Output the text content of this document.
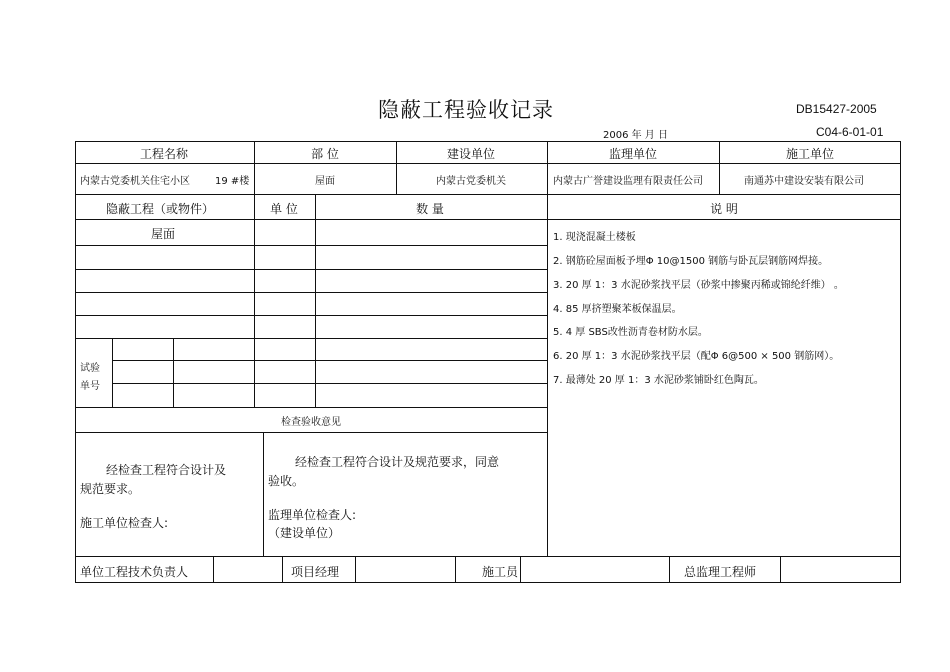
隐蔽工程验收记录	DB15427-2005
2006 年 月 日	C04-6-01-01
工程名称	部 位	建设单位	监理单位	施工单位
内蒙古党委机关住宅小区	19 #楼	屋面	内蒙古党委机关	内蒙古广誉建设监理有限责任公司	南通苏中建设安装有限公司
隐蔽工程（或物件）	单 位	数 量	说 明
屋面
试验
单号
1. 现浇混凝土楼板
2. 钢筋砼屋面板予埋Φ 10@1500 钢筋与卧瓦层钢筋网焊接。
3. 20 厚 1：3 水泥砂浆找平层（砂浆中掺聚丙稀或锦纶纤维） 。
4. 85 厚挤塑聚苯板保温层。
5. 4 厚 SBS改性沥青卷材防水层。
6. 20 厚 1：3 水泥砂浆找平层（配Φ 6@500 × 500 钢筋网）。
7. 最薄处 20 厚 1：3 水泥砂浆铺卧红色陶瓦。
检查验收意见
经检查工程符合设计及
规范要求。
施工单位检查人:
经检查工程符合设计及规范要求，同意
验收。
监理单位检查人:
（建设单位）
单位工程技术负责人	项目经理	施工员	总监理工程师
